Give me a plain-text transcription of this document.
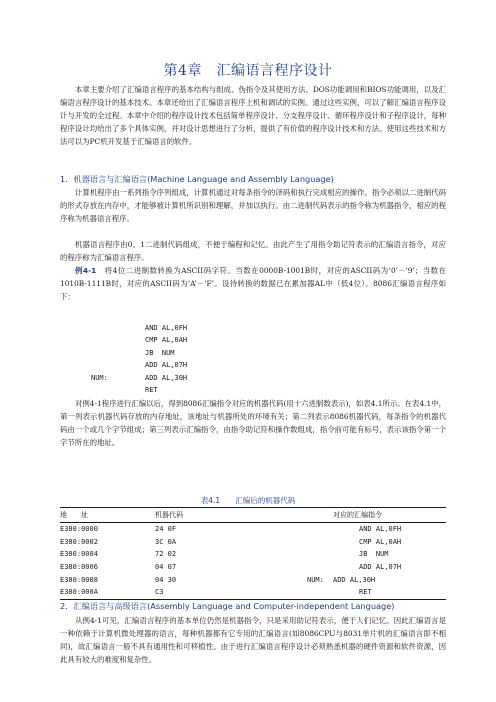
第4章　汇编语言程序设计

本章主要介绍了汇编语言程序的基本结构与组成、伪指令及其使用方法、DOS功能调用和BIOS功能调用，以及汇编语言程序设计的基本技术。本章还给出了汇编语言程序上机和调试的实例。通过这些实例，可以了解汇编语言程序设计与开发的全过程。本章中介绍的程序设计技术包括简单程序设计、分支程序设计、循环程序设计和子程序设计，每种程序设计均给出了多个具体实例，并对设计思想进行了分析，提供了有价值的程序设计技术和方法。使用这些技术和方法可以为PC机开发基于汇编语言的软件。

1．机器语言与汇编语言(Machine Language and Assembly Language)

计算机程序由一系列指令序列组成，计算机通过对每条指令的译码和执行完成相应的操作。指令必须以二进制代码的形式存放在内存中，才能够被计算机所识别和理解，并加以执行。由二进制代码表示的指令称为机器指令，相应的程序称为机器语言程序。

机器语言程序由0、1二进制代码组成，不便于编程和记忆。由此产生了用指令助记符表示的汇编语言指令，对应的程序称为汇编语言程序。

例4-1　 将4位二进制数转换为ASCII码字符。当数在0000B-1001B时，对应的ASCII码为‘0’－‘9’；当数在1010B-1111B时，对应的ASCII码为‘A’－‘F’。设待转换的数据已在累加器AL中（低4位）。8086汇编语言程序如下：

AND AL,0FH
CMP AL,0AH
JB  NUM
ADD AL,07H
NUM:	ADD AL,30H
RET

对例4-1程序进行汇编以后，得到8086汇编指令对应的机器代码(用十六进制数表示)，如表4.1所示。在表4.1中，第一列表示机器代码存放的内存地址，该地址与机器所处的环境有关；第二列表示8086机器代码，每条指令的机器代码由一个或几个字节组成；第三列表示汇编指令，由指令助记符和操作数组成，指令前可能有标号，表示该指令第一个字节所在的地址。

表4.1　　汇编后的机器代码
地　　址	机器代码	对应的汇编指令
E380:0000	24 0F	AND AL,0FH

E380:0002	3C 0A	CMP AL,0AH

E380:0004	72 02	JB  NUM

E380:0006	04 07	ADD AL,07H

E380:0008	04 30	NUM: ADD AL,30H

E380:000A	C3	RET
2．汇编语言与高级语言(Assembly Language and Computer-independent Language)

从例4-1可见，汇编语言程序的基本单位仍然是机器指令，只是采用助记符表示，便于人们记忆。因此汇编语言是一种依赖于计算机微处理器的语言，每种机器都有它专用的汇编语言(如8086CPU与8031单片机的汇编语言即不相同)，故汇编语言一般不具有通用性和可移植性。由于进行汇编语言程序设计必须熟悉机器的硬件资源和软件资源，因此具有较大的难度和复杂性。
